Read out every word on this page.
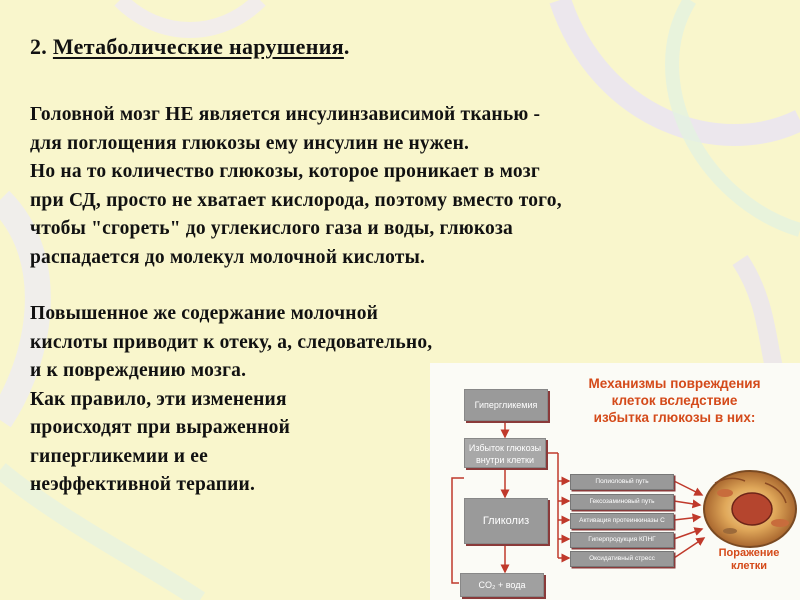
2. Метаболические нарушения.
Головной мозг НЕ является инсулинзависимой тканью -
для поглощения глюкозы ему инсулин не нужен.
Но на то количество глюкозы, которое проникает в мозг
при СД, просто не хватает кислорода, поэтому вместо того,
чтобы "сгореть" до углекислого газа и воды, глюкоза
распадается до молекул молочной кислоты.
Повышенное же содержание молочной
кислоты приводит к отеку, а, следовательно,
и к повреждению мозга.
Как правило, эти изменения
происходят при выраженной
гипергликемии и ее
неэффективной терапии.
Механизмы повреждения
клеток вследствие
избытка глюкозы в них:
Гипергликемия
Избыток глюкозы
внутри клетки
Гликолиз
CO₂ + вода
Полиоловый путь
Гексозаминовый путь
Активация протеинкиназы С
Гиперпродукция КПНГ
Оксидативный стресс	Поражение
клетки
